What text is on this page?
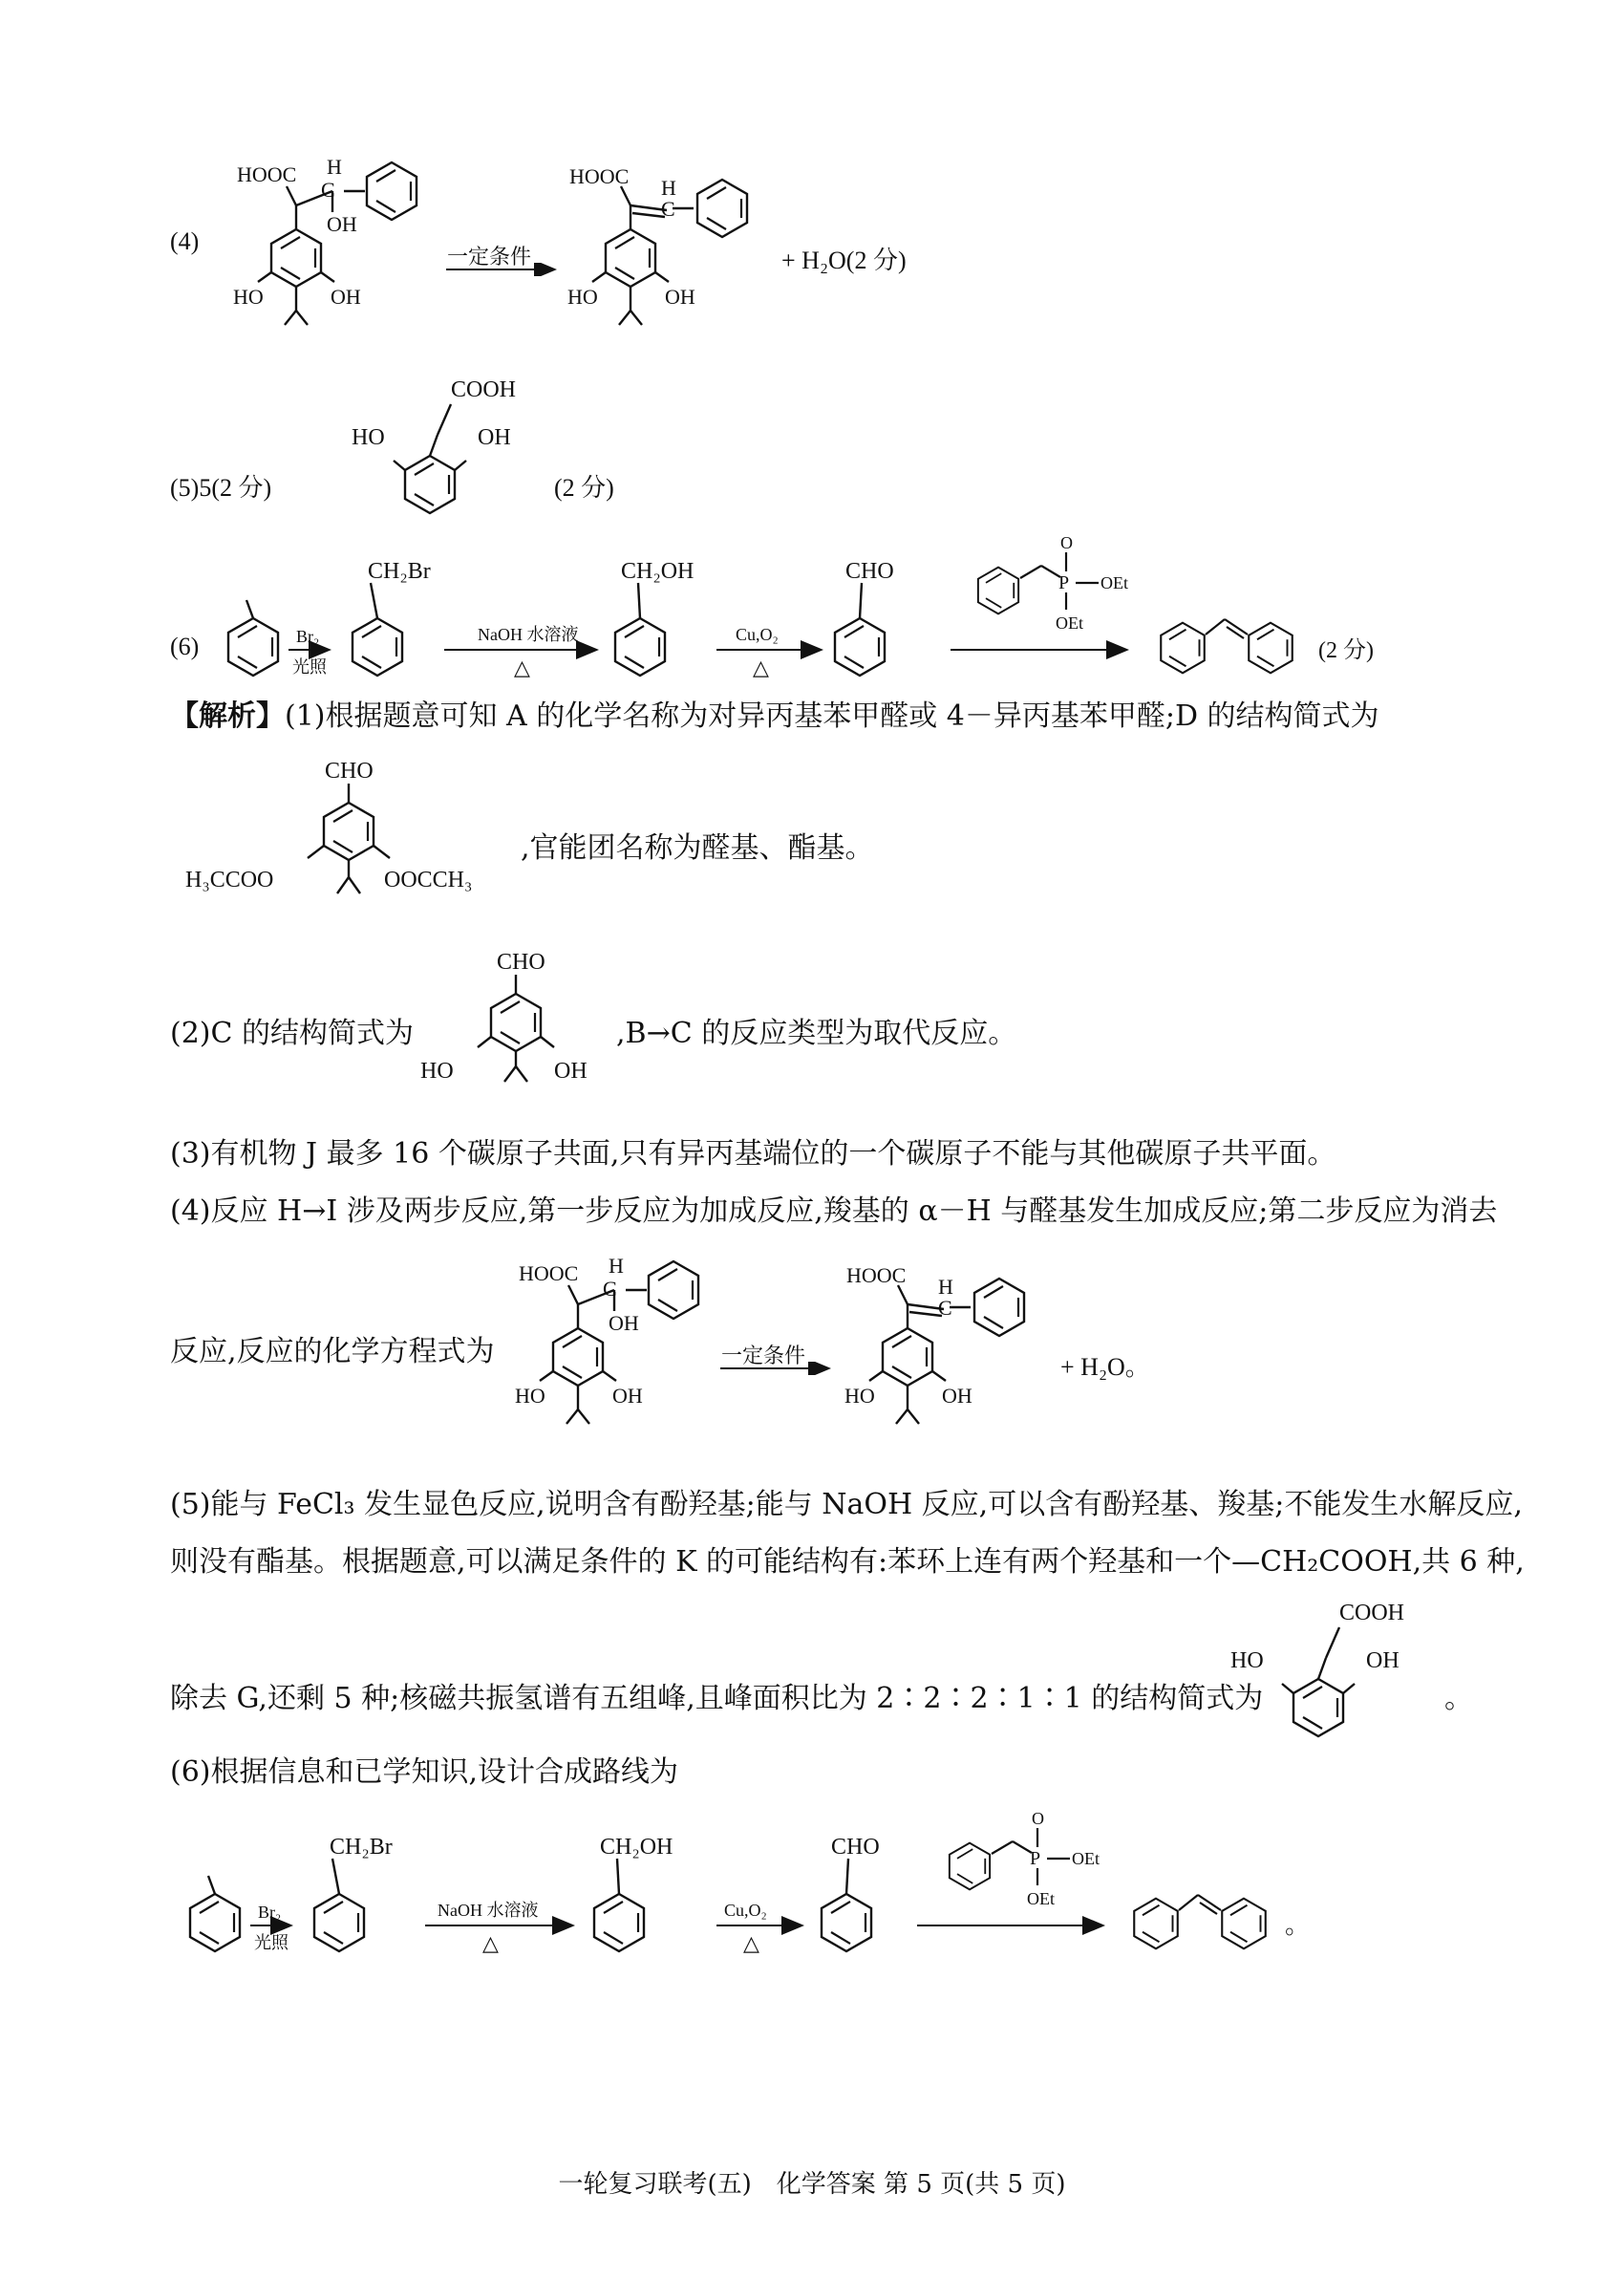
(4)
HOOC H
C
OH
HO	OH
一定条件
HOOC H
C
HO	OH
+ H₂O(2 分)
(5)5(2 分)
COOH
HO	OH
(2 分)
(6)	Br₂
光照
CH₂Br
NaOH 水溶液
△
CH₂OH
Cu,O₂
△
CHO	P
O
OEt
OEt
(2 分)
【解析】(1)根据题意可知 A 的化学名称为对异丙基苯甲醛或 4－异丙基苯甲醛;D 的结构简式为
CHO
H₃CCOO	OOCCH₃
,官能团名称为醛基、酯基。
(2)C 的结构简式为
CHO
HO	OH
,B→C 的反应类型为取代反应。
(3)有机物 J 最多 16 个碳原子共面,只有异丙基端位的一个碳原子不能与其他碳原子共平面。
(4)反应 H→I 涉及两步反应,第一步反应为加成反应,羧基的 α－H 与醛基发生加成反应;第二步反应为消去
反应,反应的化学方程式为
HOOC H
C
OH
HO	OH
一定条件
HOOC H
C
HO	OH
+ H₂O。
(5)能与 FeCl₃ 发生显色反应,说明含有酚羟基;能与 NaOH 反应,可以含有酚羟基、羧基;不能发生水解反应,
则没有酯基。根据题意,可以满足条件的 K 的可能结构有:苯环上连有两个羟基和一个—CH₂COOH,共 6 种,
除去 G,还剩 5 种;核磁共振氢谱有五组峰,且峰面积比为 2∶2∶2∶1∶1 的结构简式为
COOH
HO	OH
。
(6)根据信息和已学知识,设计合成路线为
Br₂
光照
CH₂Br
NaOH 水溶液
△
CH₂OH
Cu,O₂
△
CHO	P
O
OEt
OEt
。
一轮复习联考(五)　化学答案 第 5 页(共 5 页)
